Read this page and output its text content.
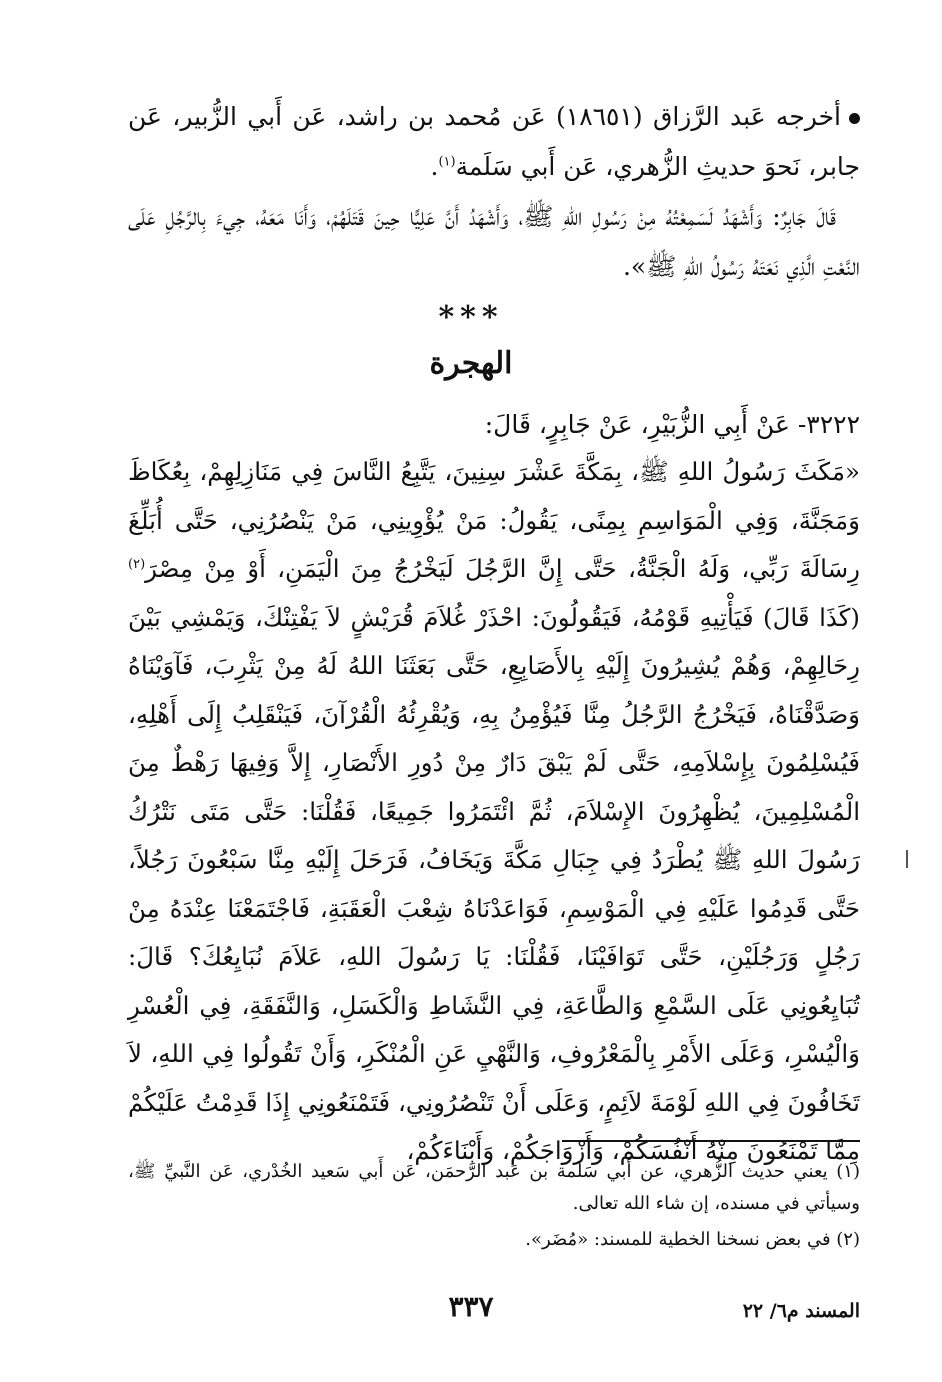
أخرجه عَبد الرَّزاق (١٨٦٥١) عَن مُحمد بن راشد، عَن أَبي الزُّبير، عَن جابر، نَحوَ حديثِ الزُّهري، عَن أَبي سَلَمة$^{(١)}$.

قَالَ جَابِرٌ: وَأَشْهَدُ لَسَمِعْتُهُ مِنْ رَسُولِ اللهِ ﷺ، وَأَشْهَدُ أَنَّ عَلِيًّا حِينَ قَتَلَهُمْ، وَأَنَا مَعَهُ، جِيءَ بِالرَّجُلِ عَلَى النَّعْتِ الَّذِي نَعَتَهُ رَسُولُ اللهِ ﷺ».

***
الهجرة
٣٢٢٢- عَنْ أَبِي الزُّبَيْرِ، عَنْ جَابِرٍ، قَالَ:

«مَكَثَ رَسُولُ اللهِ ﷺ، بِمَكَّةَ عَشْرَ سِنِينَ، يَتَّبِعُ النَّاسَ فِي مَنَازِلِهِمْ، بِعُكَاظَ وَمَجَنَّةَ، وَفِي الْمَوَاسِمِ بِمِنًى، يَقُولُ: مَنْ يُؤْوِينِي، مَنْ يَنْصُرُنِي، حَتَّى أُبَلِّغَ رِسَالَةَ رَبِّي، وَلَهُ الْجَنَّةُ، حَتَّى إِنَّ الرَّجُلَ لَيَخْرُجُ مِنَ الْيَمَنِ، أَوْ مِنْ مِصْرَ$^{(٢)}$ (كَذَا قَالَ) فَيَأْتِيهِ قَوْمُهُ، فَيَقُولُونَ: احْذَرْ غُلاَمَ قُرَيْشٍ لاَ يَفْتِنْكَ، وَيَمْشِي بَيْنَ رِحَالِهِمْ، وَهُمْ يُشِيرُونَ إِلَيْهِ بِالأَصَابِعِ، حَتَّى بَعَثَنَا اللهُ لَهُ مِنْ يَثْرِبَ، فَآوَيْنَاهُ وَصَدَّقْنَاهُ، فَيَخْرُجُ الرَّجُلُ مِنَّا فَيُؤْمِنُ بِهِ، وَيُقْرِئُهُ الْقُرْآنَ، فَيَنْقَلِبُ إِلَى أَهْلِهِ، فَيُسْلِمُونَ بِإِسْلاَمِهِ، حَتَّى لَمْ يَبْقَ دَارٌ مِنْ دُورِ الأَنْصَارِ، إِلاَّ وَفِيهَا رَهْطٌ مِنَ الْمُسْلِمِينَ، يُظْهِرُونَ الإِسْلاَمَ، ثُمَّ ائْتَمَرُوا جَمِيعًا، فَقُلْنَا: حَتَّى مَتَى نَتْرُكُ رَسُولَ اللهِ ﷺ يُطْرَدُ فِي جِبَالِ مَكَّةَ وَيَخَافُ، فَرَحَلَ إِلَيْهِ مِنَّا سَبْعُونَ رَجُلاً، حَتَّى قَدِمُوا عَلَيْهِ فِي الْمَوْسِمِ، فَوَاعَدْنَاهُ شِعْبَ الْعَقَبَةِ، فَاجْتَمَعْنَا عِنْدَهُ مِنْ رَجُلٍ وَرَجُلَيْنِ، حَتَّى تَوَافَيْنَا، فَقُلْنَا: يَا رَسُولَ اللهِ، عَلاَمَ نُبَايِعُكَ؟ قَالَ: تُبَايِعُونِي عَلَى السَّمْعِ وَالطَّاعَةِ، فِي النَّشَاطِ وَالْكَسَلِ، وَالنَّفَقَةِ، فِي الْعُسْرِ وَالْيُسْرِ، وَعَلَى الأَمْرِ بِالْمَعْرُوفِ، وَالنَّهْيِ عَنِ الْمُنْكَرِ، وَأَنْ تَقُولُوا فِي اللهِ، لاَ تَخَافُونَ فِي اللهِ لَوْمَةَ لاَئِمٍ، وَعَلَى أَنْ تَنْصُرُونِي، فَتَمْنَعُونِي إِذَا قَدِمْتُ عَلَيْكُمْ مِمَّا تَمْنَعُونَ مِنْهُ أَنْفُسَكُمْ، وَأَزْوَاجَكُمْ، وَأَبْنَاءَكُمْ،

(١) يعني حديث الزُّهري، عن أَبي سَلَمة بن عَبد الرَّحمَن، عَن أَبي سَعيد الخُدْري، عَن النَّبيِّ ﷺ، وسيأتي في مسنده، إن شاء الله تعالى.

(٢) في بعض نسخنا الخطية للمسند: «مُضَر».

المسند م٦/ ٢٢
٣٣٧
